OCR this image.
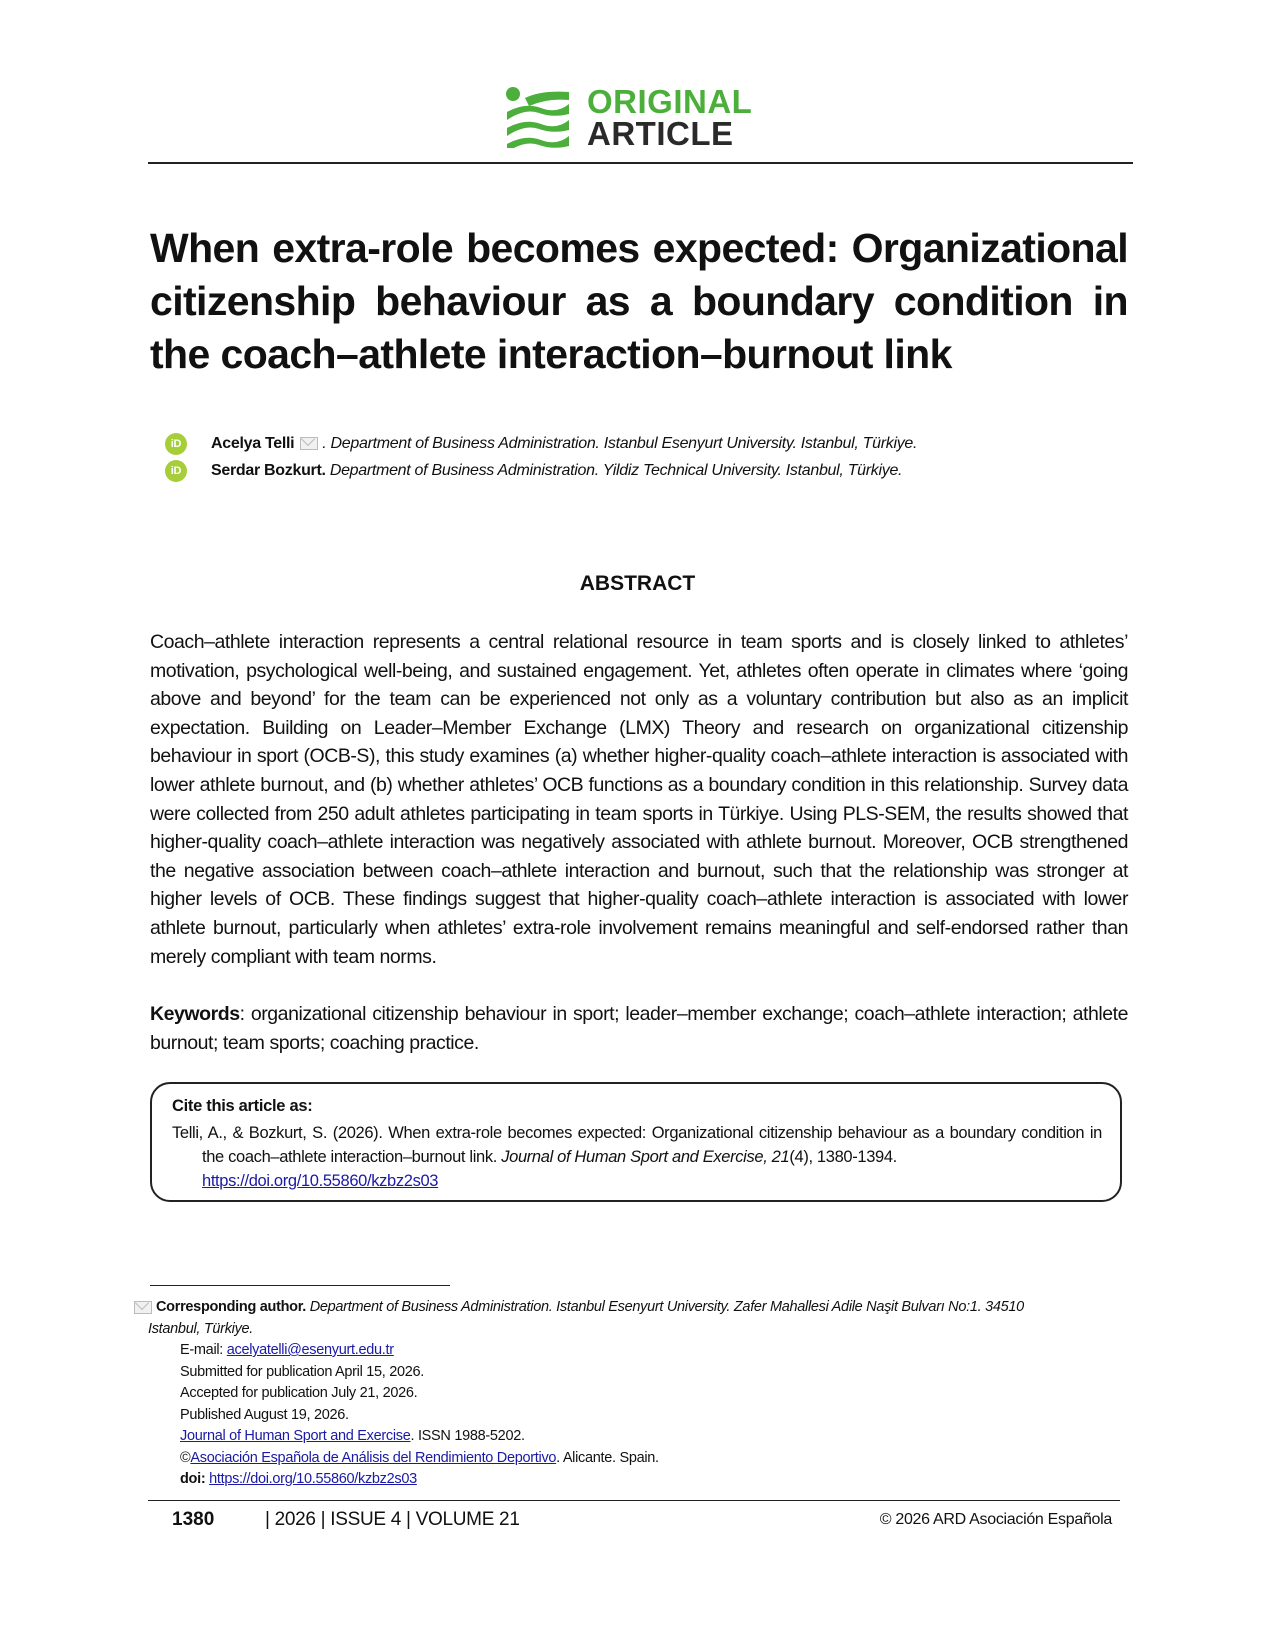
ORIGINAL
ARTICLE
When extra-role becomes expected: Organizational citizenship behaviour as a boundary condition in the coach–athlete interaction–burnout link
iD Acelya Telli . Department of Business Administration. Istanbul Esenyurt University. Istanbul, Türkiye.
iD Serdar Bozkurt. Department of Business Administration. Yildiz Technical University. Istanbul, Türkiye.
ABSTRACT
Coach–athlete interaction represents a central relational resource in team sports and is closely linked to athletes’ motivation, psychological well-being, and sustained engagement. Yet, athletes often operate in climates where ‘going above and beyond’ for the team can be experienced not only as a voluntary contribution but also as an implicit expectation. Building on Leader–Member Exchange (LMX) Theory and research on organizational citizenship behaviour in sport (OCB-S), this study examines (a) whether higher-quality coach–athlete interaction is associated with lower athlete burnout, and (b) whether athletes’ OCB functions as a boundary condition in this relationship. Survey data were collected from 250 adult athletes participating in team sports in Türkiye. Using PLS-SEM, the results showed that higher-quality coach–athlete interaction was negatively associated with athlete burnout. Moreover, OCB strengthened the negative association between coach–athlete interaction and burnout, such that the relationship was stronger at higher levels of OCB. These findings suggest that higher-quality coach–athlete interaction is associated with lower athlete burnout, particularly when athletes’ extra-role involvement remains meaningful and self-endorsed rather than merely compliant with team norms.
Keywords: organizational citizenship behaviour in sport; leader–member exchange; coach–athlete interaction; athlete burnout; team sports; coaching practice.
Cite this article as:
Telli, A., & Bozkurt, S. (2026). When extra-role becomes expected: Organizational citizenship behaviour as a boundary condition in the coach–athlete interaction–burnout link. Journal of Human Sport and Exercise, 21(4), 1380-1394.
https://doi.org/10.55860/kzbz2s03
Corresponding author. Department of Business Administration. Istanbul Esenyurt University. Zafer Mahallesi Adile Naşit Bulvarı No:1. 34510
Istanbul, Türkiye.
E-mail: acelyatelli@esenyurt.edu.tr
Submitted for publication April 15, 2026.
Accepted for publication July 21, 2026.
Published August 19, 2026.
Journal of Human Sport and Exercise. ISSN 1988-5202.
©Asociación Española de Análisis del Rendimiento Deportivo. Alicante. Spain.
doi: https://doi.org/10.55860/kzbz2s03
1380	| 2026 | ISSUE 4 | VOLUME 21	© 2026 ARD Asociación Española
